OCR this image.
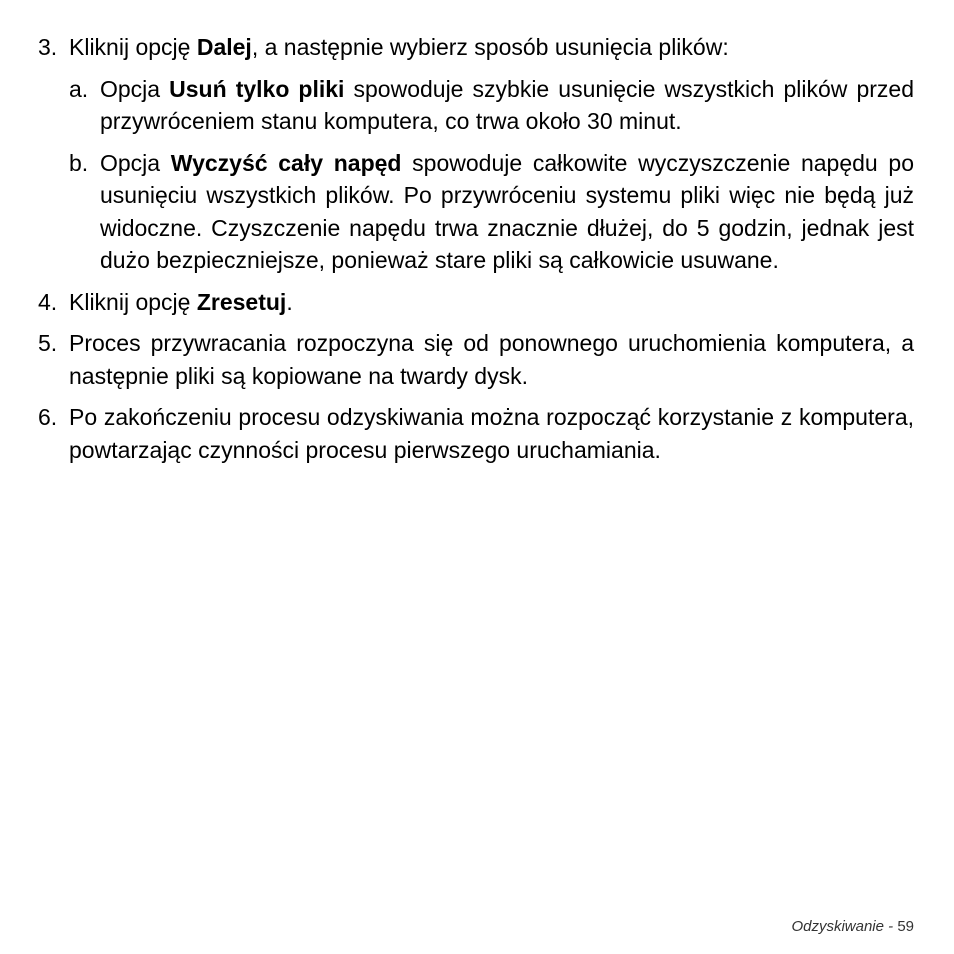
3. Kliknij opcję Dalej, a następnie wybierz sposób usunięcia plików:
a. Opcja Usuń tylko pliki spowoduje szybkie usunięcie wszystkich plików przed przywróceniem stanu komputera, co trwa około 30 minut.
b. Opcja Wyczyść cały napęd spowoduje całkowite wyczyszczenie napędu po usunięciu wszystkich plików. Po przywróceniu systemu pliki więc nie będą już widoczne. Czyszczenie napędu trwa znacznie dłużej, do 5 godzin, jednak jest dużo bezpieczniejsze, ponieważ stare pliki są całkowicie usuwane.
4. Kliknij opcję Zresetuj.
5. Proces przywracania rozpoczyna się od ponownego uruchomienia komputera, a następnie pliki są kopiowane na twardy dysk.
6. Po zakończeniu procesu odzyskiwania można rozpocząć korzystanie z komputera, powtarzając czynności procesu pierwszego uruchamiania.
Odzyskiwanie - 59
